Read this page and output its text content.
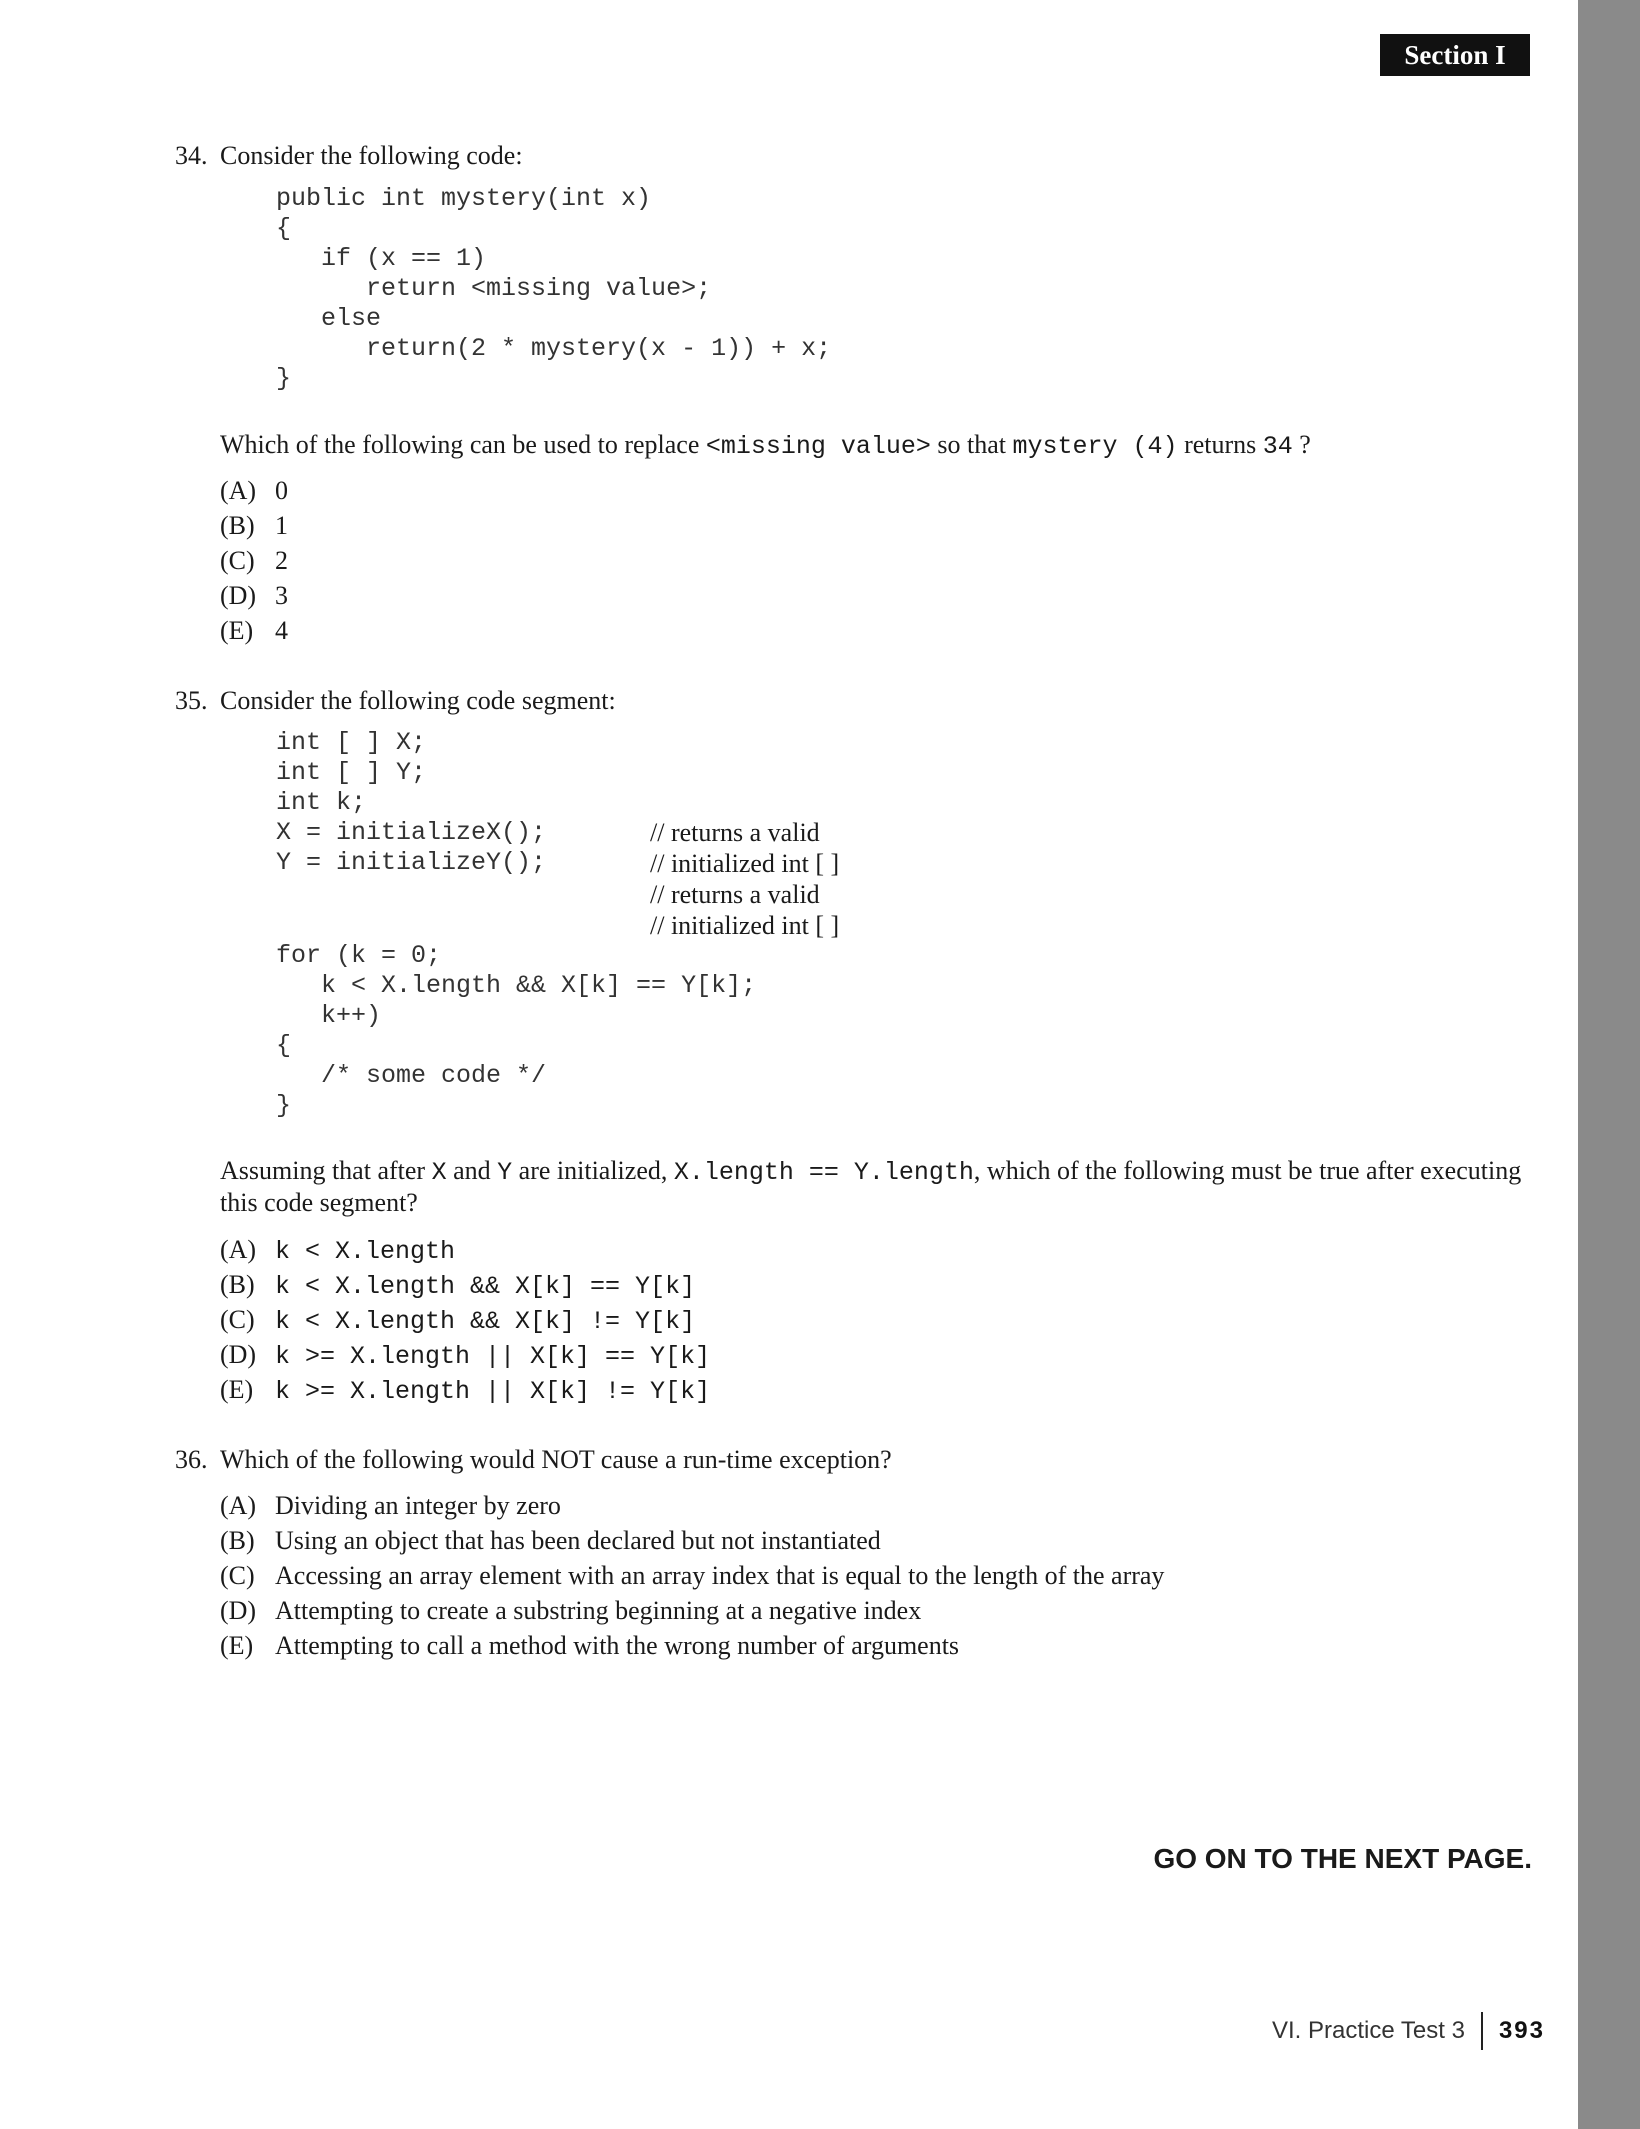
Section I
34. Consider the following code:
public int mystery(int x)
{
if (x == 1)
return <missing value>;
else
return(2 * mystery(x - 1)) + x;
}
Which of the following can be used to replace <missing value> so that mystery (4) returns 34 ?
(A) 0
(B) 1
(C) 2
(D) 3
(E) 4
35. Consider the following code segment:
int [ ] X;
int [ ] Y;
int k;
X = initializeX();
Y = initializeY();
// returns a valid
// initialized int [ ]
// returns a valid
// initialized int [ ]
for (k = 0;
k < X.length && X[k] == Y[k];
k++)
{
/* some code */
}
Assuming that after X and Y are initialized, X.length == Y.length, which of the following must be true after executing
this code segment?
(A) k < X.length
(B) k < X.length && X[k] == Y[k]
(C) k < X.length && X[k] != Y[k]
(D) k >= X.length || X[k] == Y[k]
(E) k >= X.length || X[k] != Y[k]
36. Which of the following would NOT cause a run-time exception?
(A) Dividing an integer by zero
(B) Using an object that has been declared but not instantiated
(C) Accessing an array element with an array index that is equal to the length of the array
(D) Attempting to create a substring beginning at a negative index
(E) Attempting to call a method with the wrong number of arguments
GO ON TO THE NEXT PAGE.
VI. Practice Test 3 393
